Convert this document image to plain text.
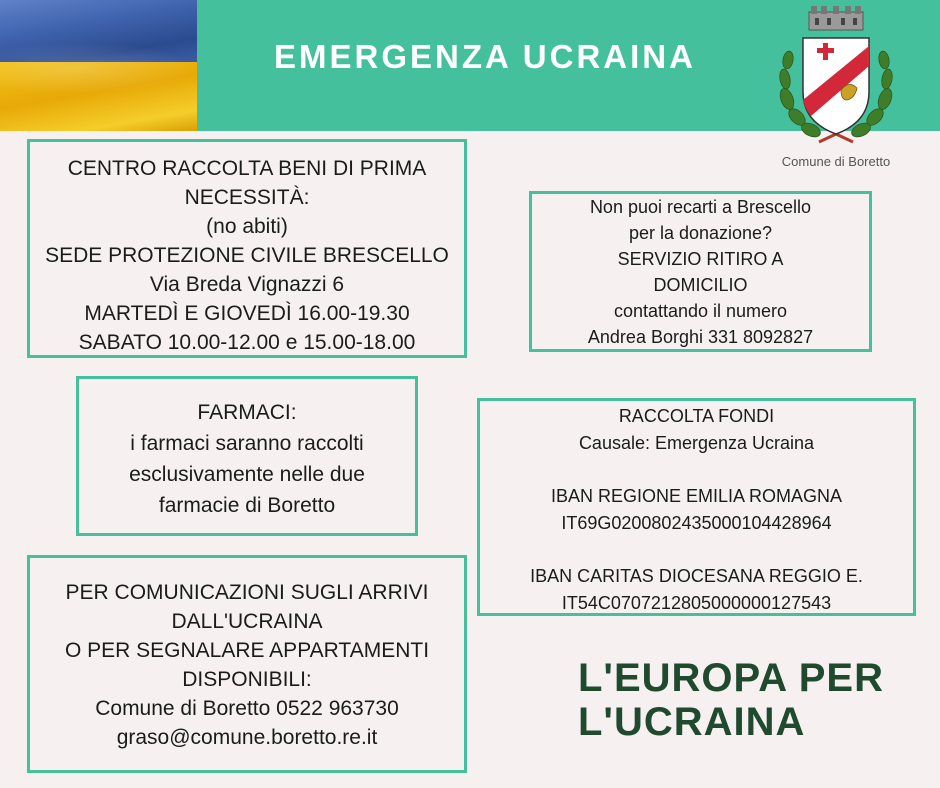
EMERGENZA UCRAINA
Comune di Boretto
CENTRO RACCOLTA BENI DI PRIMA
NECESSITÀ:
(no abiti)
SEDE PROTEZIONE CIVILE BRESCELLO
Via Breda Vignazzi 6
MARTEDÌ E GIOVEDÌ 16.00-19.30
SABATO 10.00-12.00 e 15.00-18.00
Non puoi recarti a Brescello
per la donazione?
SERVIZIO RITIRO A
DOMICILIO
contattando il numero
Andrea Borghi 331 8092827
FARMACI:
i farmaci saranno raccolti
esclusivamente nelle due
farmacie di Boretto
RACCOLTA FONDI
Causale: Emergenza Ucraina
IBAN REGIONE EMILIA ROMAGNA
IT69G0200802435000104428964
IBAN CARITAS DIOCESANA REGGIO E.
IT54C0707212805000000127543
PER COMUNICAZIONI SUGLI ARRIVI
DALL'UCRAINA
O PER SEGNALARE APPARTAMENTI
DISPONIBILI:
Comune di Boretto 0522 963730
graso@comune.boretto.re.it
L'EUROPA PER
L'UCRAINA
